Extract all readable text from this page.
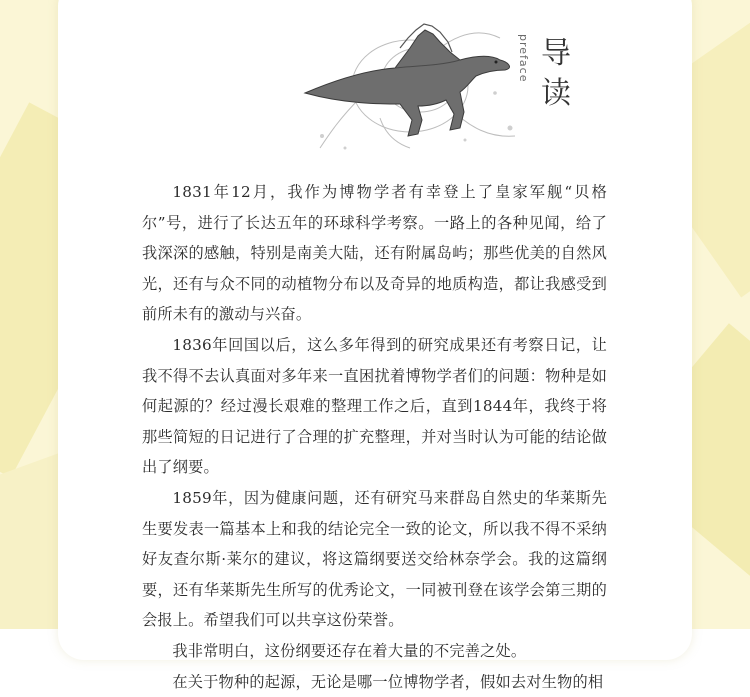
preface 导
读

1831年12月，我作为博物学者有幸登上了皇家军舰“贝格尔”号，进行了长达五年的环球科学考察。一路上的各种见闻，给了我深深的感触，特别是南美大陆，还有附属岛屿；那些优美的自然风光，还有与众不同的动植物分布以及奇异的地质构造，都让我感受到前所未有的激动与兴奋。

1836年回国以后，这么多年得到的研究成果还有考察日记，让我不得不去认真面对多年来一直困扰着博物学者们的问题：物种是如何起源的？经过漫长艰难的整理工作之后，直到1844年，我终于将那些简短的日记进行了合理的扩充整理，并对当时认为可能的结论做出了纲要。

1859年，因为健康问题，还有研究马来群岛自然史的华莱斯先生要发表一篇基本上和我的结论完全一致的论文，所以我不得不采纳好友查尔斯·莱尔的建议，将这篇纲要送交给林奈学会。我的这篇纲要，还有华莱斯先生所写的优秀论文，一同被刊登在该学会第三期的会报上。希望我们可以共享这份荣誉。

我非常明白，这份纲要还存在着大量的不完善之处。

在关于物种的起源，无论是哪一位博物学者，假如去对生物的相
